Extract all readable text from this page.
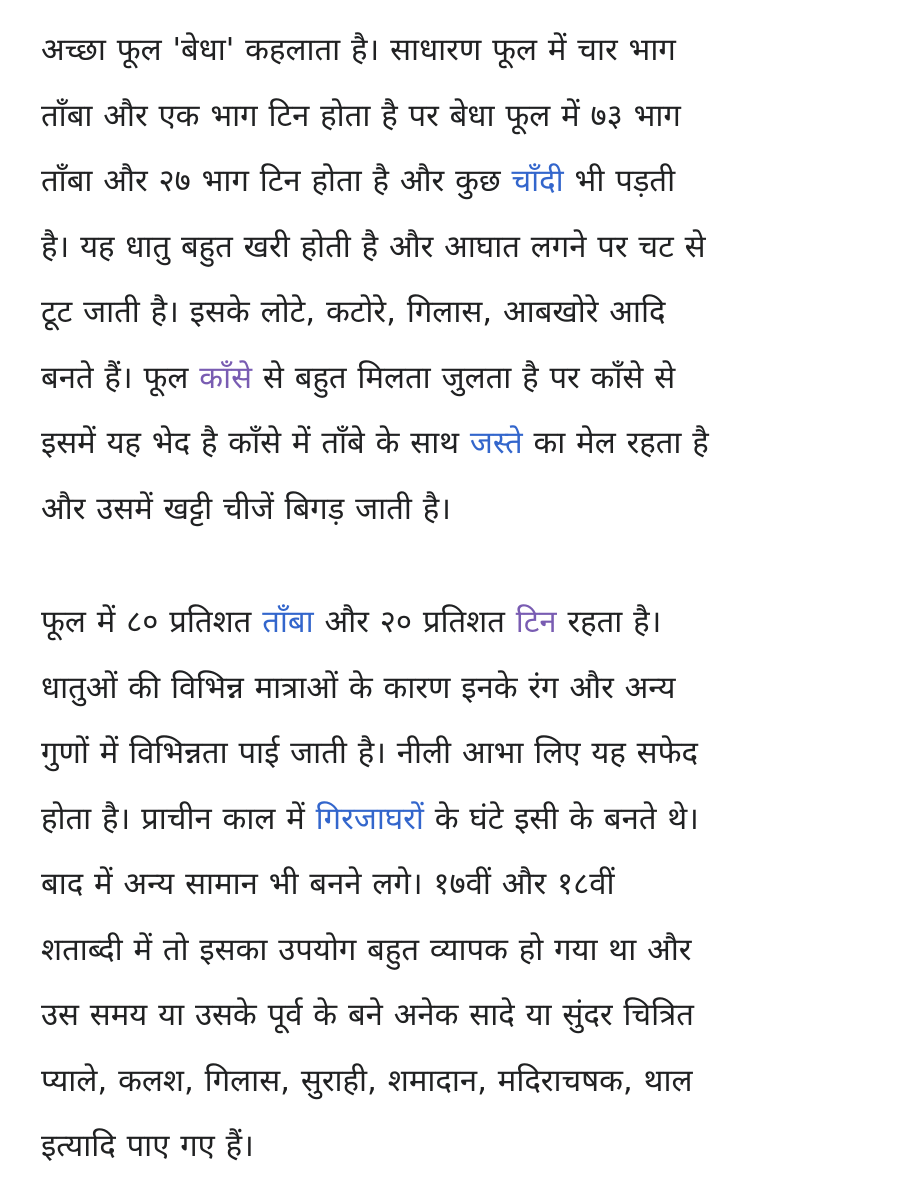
अच्छा फूल 'बेधा' कहलाता है। साधारण फूल में चार भाग
ताँबा और एक भाग टिन होता है पर बेधा फूल में ७३ भाग
ताँबा और २७ भाग टिन होता है और कुछ चाँदी भी पड़ती
है। यह धातु बहुत खरी होती है और आघात लगने पर चट से
टूट जाती है। इसके लोटे, कटोरे, गिलास, आबखोरे आदि
बनते हैं। फूल काँसे से बहुत मिलता जुलता है पर काँसे से
इसमें यह भेद है काँसे में ताँबे के साथ जस्ते का मेल रहता है
और उसमें खट्टी चीजें बिगड़ जाती है।

फूल में ८० प्रतिशत ताँबा और २० प्रतिशत टिन रहता है।
धातुओं की विभिन्न मात्राओं के कारण इनके रंग और अन्य
गुणों में विभिन्नता पाई जाती है। नीली आभा लिए यह सफेद
होता है। प्राचीन काल में गिरजाघरों के घंटे इसी के बनते थे।
बाद में अन्य सामान भी बनने लगे। १७वीं और १८वीं
शताब्दी में तो इसका उपयोग बहुत व्यापक हो गया था और
उस समय या उसके पूर्व के बने अनेक सादे या सुंदर चित्रित
प्याले, कलश, गिलास, सुराही, शमादान, मदिराचषक, थाल
इत्यादि पाए गए हैं।
